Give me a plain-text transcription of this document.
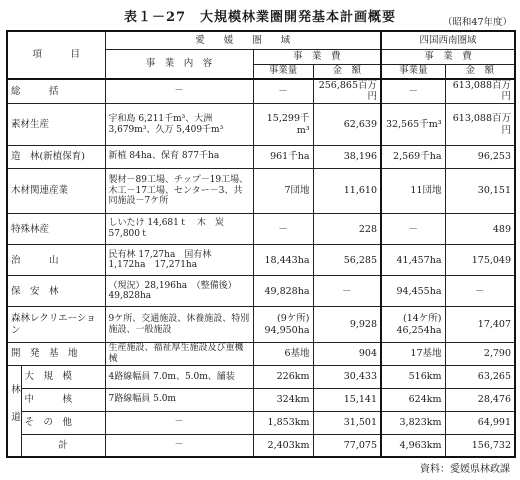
表１－27　大規模林業圏開発基本計画概要	（昭和47年度）
項　　　目		愛　　媛　　圏　　域			四国西南圏域	
		事　業　内　容	事　業　費		事　業　費	
			事業量	金　額	事業量	金　額
総　　　括		－	－	256,865百万円	－	613,088百万円
素材生産		宇和島 6,211千m³、大洲 3,679m³、久万 5,409千m³	15,299千m³	62,639	32,565千m³	613,088百万円
造　林(新植保育)		新植 84ha、保育 877千ha	961千ha	38,196	2,569千ha	96,253
木材関連産業		製材－89工場、チップ－19工場、木工－17工場、センター－3、共同施設－7ケ所	7団地	11,610	11団地	30,151
特殊林産		しいたけ 14,681ｔ　木　炭 57,800ｔ	－	228	－	489
治　　　山		民有林 17,27ha　国有林 1,172ha　17,271ha	18,443ha	56,285	41,457ha	175,049
保　安　林		（現況）28,196ha　（整備後）49,828ha	49,828ha	－	94,455ha	－
森林レクリエーション		9ケ所、交通施設、休養施設、特別施設、一般施設	(9ケ所) 94,950ha	9,928	(14ケ所) 46,254ha	17,407
開　発　基　地		生産施設、福祉厚生施設及び重機械	6基地	904	17基地	2,790
林道	大　規　模	4路線幅員 7.0m、5.0m、舗装	226km	30,433	516km	63,265
	中　　　核	7路線幅員 5.0m	324km	15,141	624km	28,476
	そ　の　他	－	1,853km	31,501	3,823km	64,991
	計	－	2,403km	77,075	4,963km	156,732
資料：愛媛県林政課
